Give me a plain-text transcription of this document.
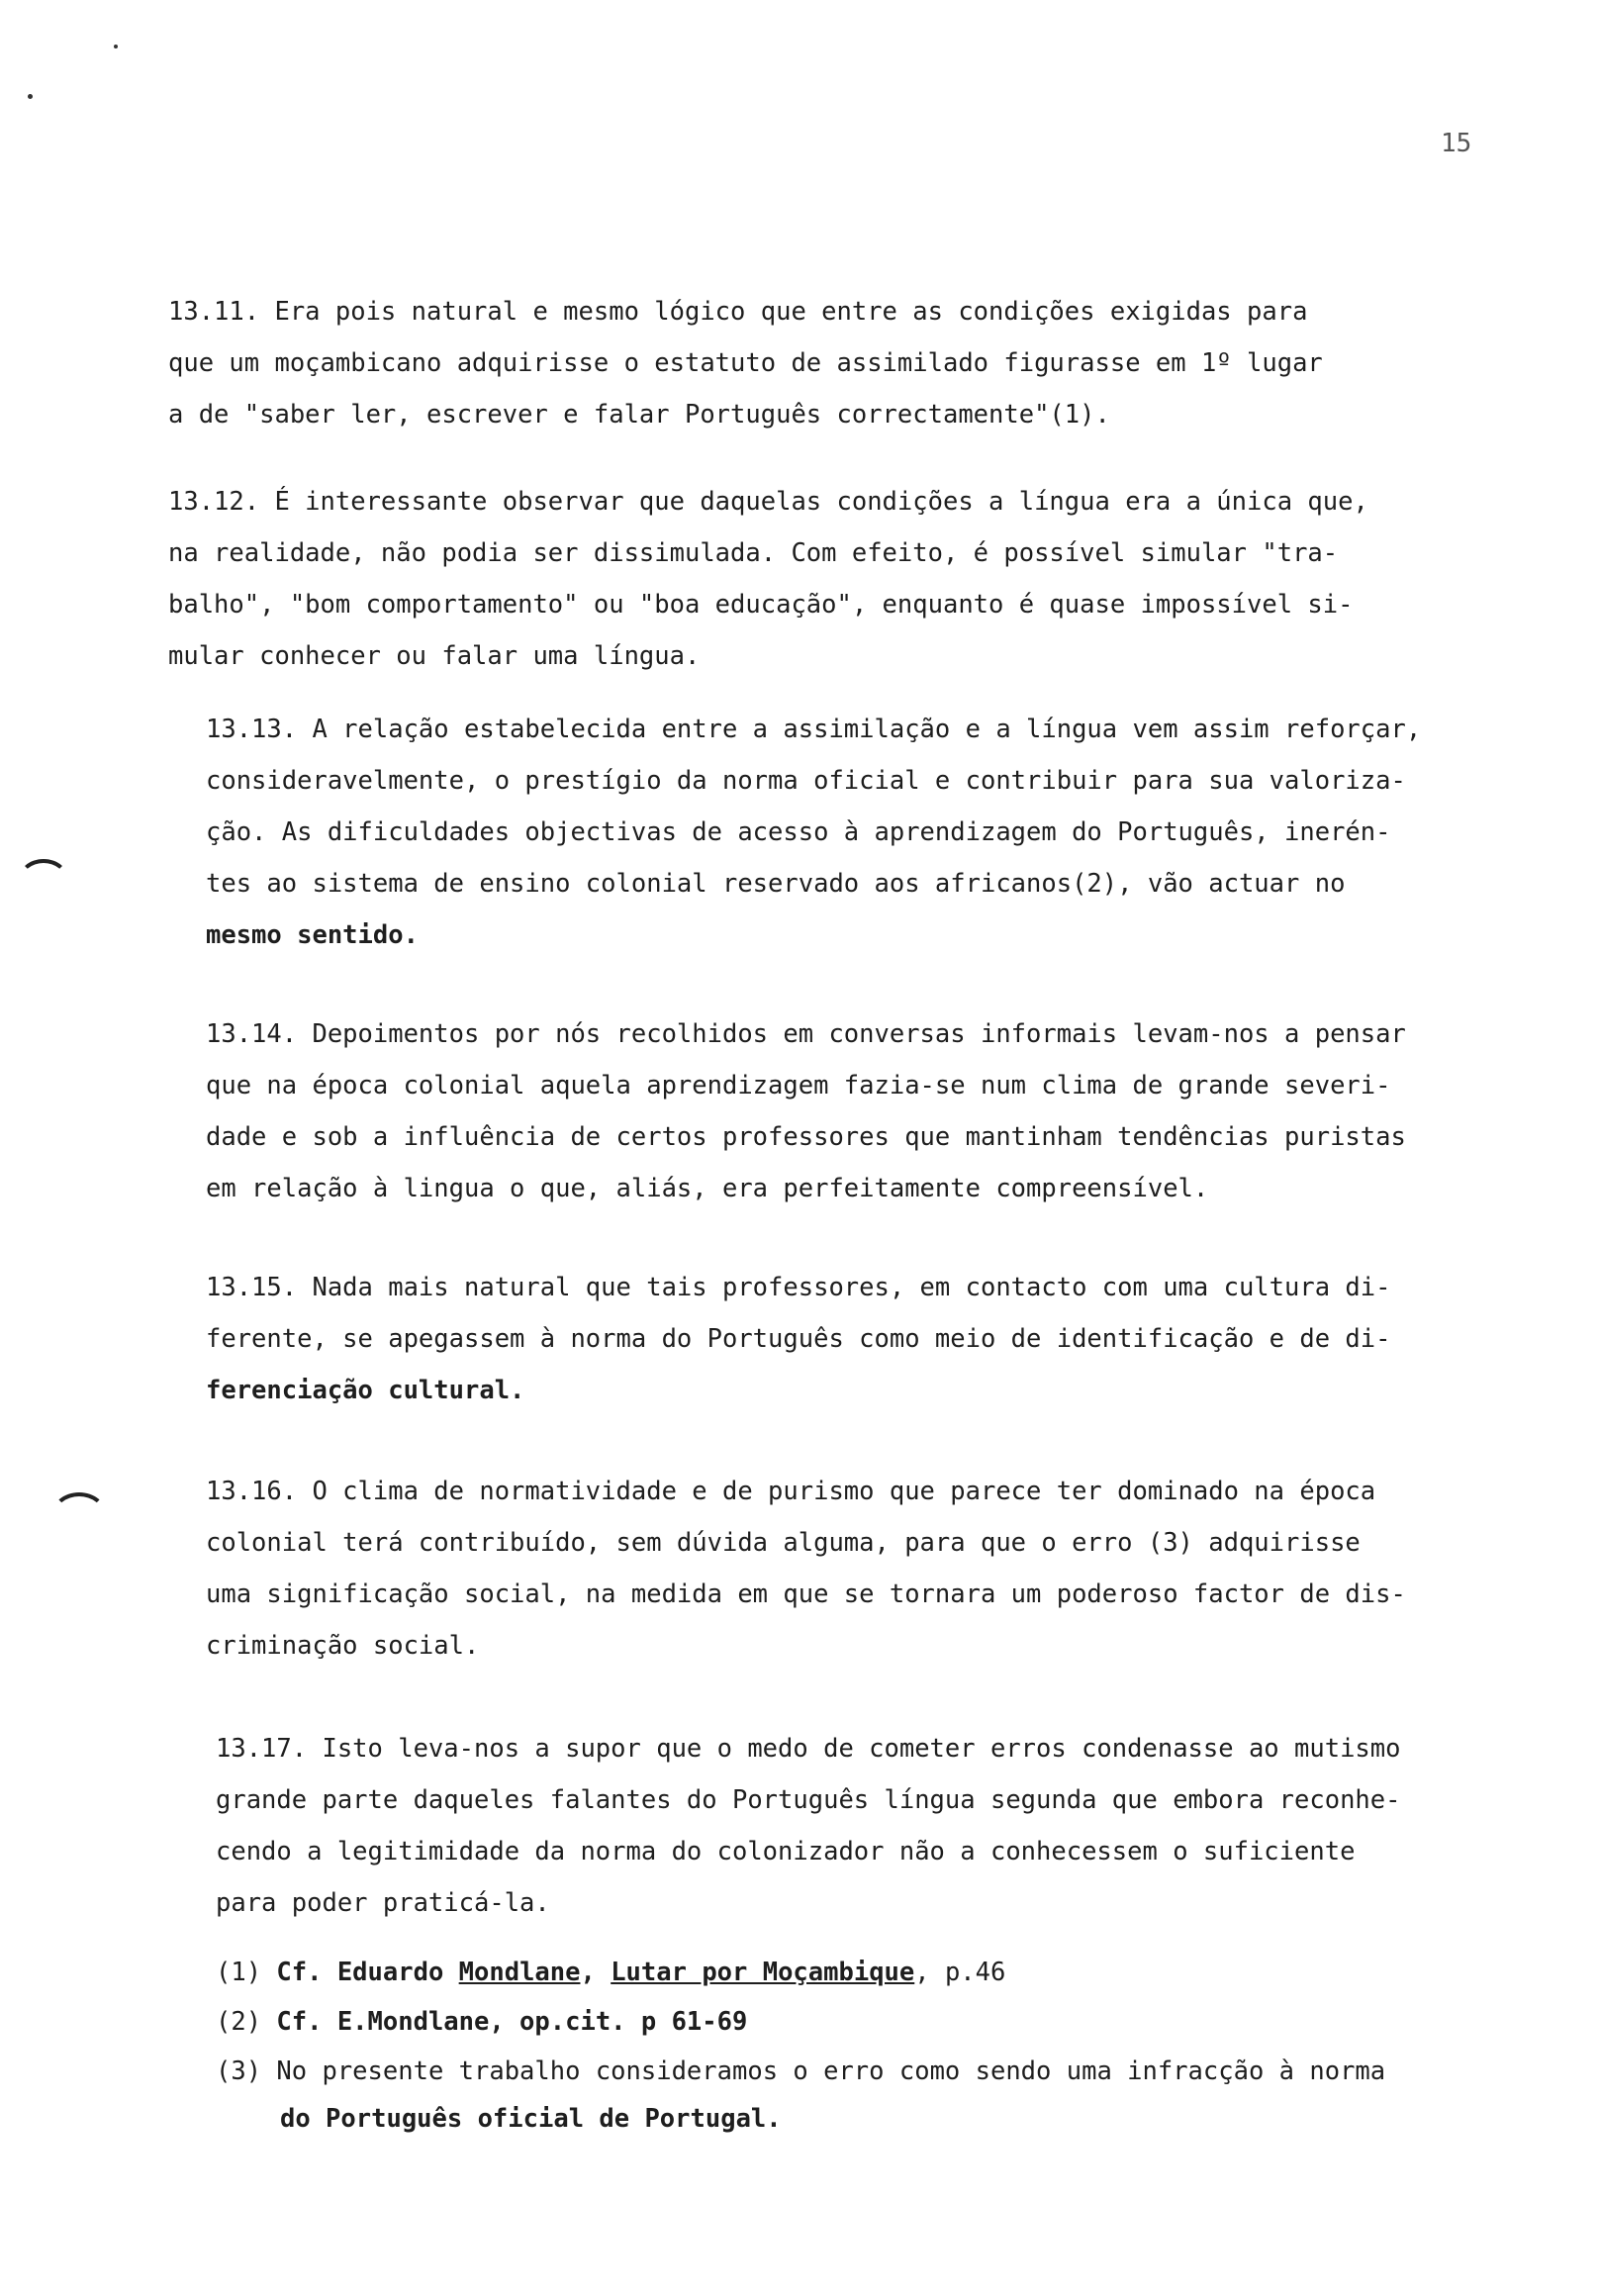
15
13.11. Era pois natural e mesmo lógico que entre as condições exigidas para
que um moçambicano adquirisse o estatuto de assimilado figurasse em 1º lugar
a de "saber ler, escrever e falar Português correctamente"(1).
13.12. É interessante observar que daquelas condições a língua era a única que,
na realidade, não podia ser dissimulada. Com efeito, é possível simular "tra-
balho", "bom comportamento" ou "boa educação", enquanto é quase impossível si-
mular conhecer ou falar uma língua.
13.13. A relação estabelecida entre a assimilação e a língua vem assim reforçar,
consideravelmente, o prestígio da norma oficial e contribuir para sua valoriza-
ção. As dificuldades objectivas de acesso à aprendizagem do Português, inerén-
tes ao sistema de ensino colonial reservado aos africanos(2), vão actuar no
mesmo sentido.
13.14. Depoimentos por nós recolhidos em conversas informais levam-nos a pensar
que na época colonial aquela aprendizagem fazia-se num clima de grande severi-
dade e sob a influência de certos professores que mantinham tendências puristas
em relação à lingua o que, aliás, era perfeitamente compreensível.
13.15. Nada mais natural que tais professores, em contacto com uma cultura di-
ferente, se apegassem à norma do Português como meio de identificação e de di-
ferenciação cultural.
13.16. O clima de normatividade e de purismo que parece ter dominado na época
colonial terá contribuído, sem dúvida alguma, para que o erro (3) adquirisse
uma significação social, na medida em que se tornara um poderoso factor de dis-
criminação social.
13.17. Isto leva-nos a supor que o medo de cometer erros condenasse ao mutismo
grande parte daqueles falantes do Português língua segunda que embora reconhe-
cendo a legitimidade da norma do colonizador não a conhecessem o suficiente
para poder praticá-la.
(1) Cf. Eduardo Mondlane, Lutar por Moçambique, p.46
(2) Cf. E.Mondlane, op.cit. p 61-69
(3) No presente trabalho consideramos o erro como sendo uma infracção à norma
do Português oficial de Portugal.
